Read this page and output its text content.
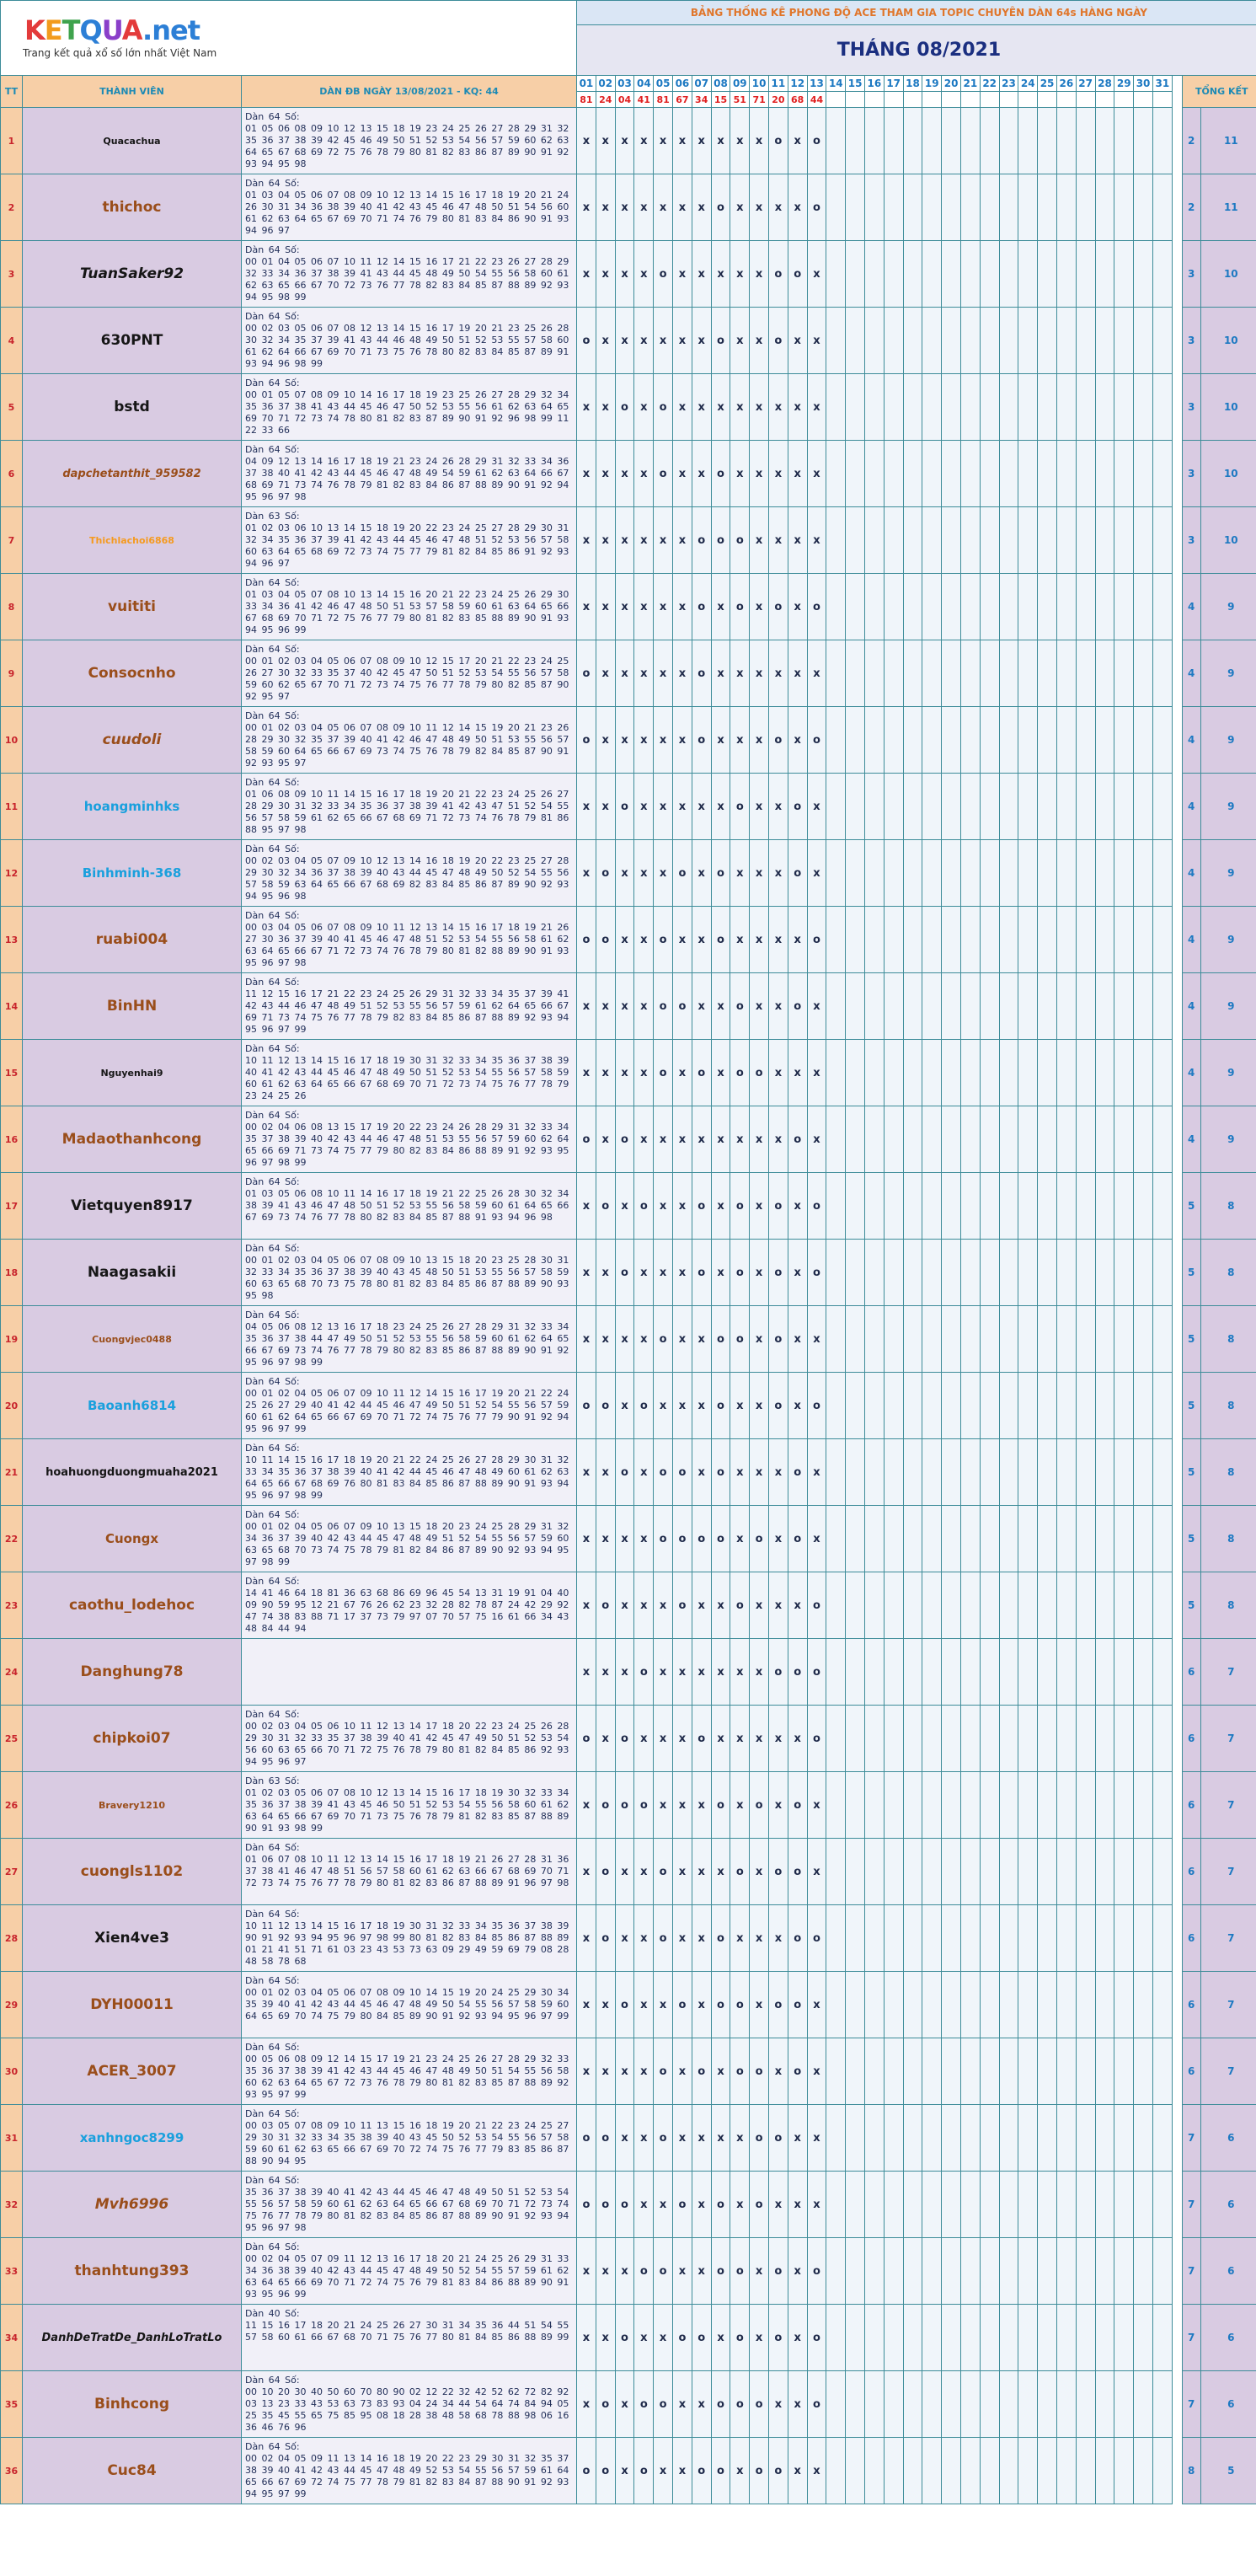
KETQUA.net
Trang kết quả xổ số lớn nhất Việt Nam			BẢNG THỐNG KÊ PHONG ĐỘ ACE THAM GIA TOPIC CHUYÊN DÀN 64s HÀNG NGÀY																																	
			THÁNG 08/2021																																	
TT	THÀNH VIÊN	DÀN ĐB NGÀY 13/08/2021 - KQ: 44	01	02	03	04	05	06	07	08	09	10	11	12	13	14	15	16	17	18	19	20	21	22	23	24	25	26	27	28	29	30	31		TỔNG KẾT	
			81	24	04	41	81	67	34	15	51	71	20	68	44																					
1	Quacachua	Dàn 64 Số:
01 05 06 08 09 10 12 13 15 18 19 23 24 25 26 27 28 29 31 32 35 36 37 38 39 42 45 46 49 50 51 52 53 54 56 57 59 60 62 63 64 65 67 68 69 72 75 76 78 79 80 81 82 83 86 87 89 90 91 92 93 94 95 98	x	x	x	x	x	x	x	x	x	x	o	x	o																				2	11
2	thichoc	Dàn 64 Số:
01 03 04 05 06 07 08 09 10 12 13 14 15 16 17 18 19 20 21 24 26 30 31 34 36 38 39 40 41 42 43 45 46 47 48 50 51 54 56 60 61 62 63 64 65 67 69 70 71 74 76 79 80 81 83 84 86 90 91 93 94 96 97	x	x	x	x	x	x	x	o	x	x	x	x	o																				2	11
3	TuanSaker92	Dàn 64 Số:
00 01 04 05 06 07 10 11 12 14 15 16 17 21 22 23 26 27 28 29 32 33 34 36 37 38 39 41 43 44 45 48 49 50 54 55 56 58 60 61 62 63 65 66 67 70 72 73 76 77 78 82 83 84 85 87 88 89 92 93 94 95 98 99	x	x	x	x	o	x	x	x	x	x	o	o	x																				3	10
4	630PNT	Dàn 64 Số:
00 02 03 05 06 07 08 12 13 14 15 16 17 19 20 21 23 25 26 28 30 32 34 35 37 39 41 43 44 46 48 49 50 51 52 53 55 57 58 60 61 62 64 66 67 69 70 71 73 75 76 78 80 82 83 84 85 87 89 91 93 94 96 98 99	o	x	x	x	x	x	x	o	x	x	o	x	x																				3	10
5	bstd	Dàn 64 Số:
00 01 05 07 08 09 10 14 16 17 18 19 23 25 26 27 28 29 32 34 35 36 37 38 41 43 44 45 46 47 50 52 53 55 56 61 62 63 64 65 69 70 71 72 73 74 78 80 81 82 83 87 89 90 91 92 96 98 99 11 22 33 66	x	x	o	x	o	x	x	x	x	x	x	x	x																				3	10
6	dapchetanthit_959582	Dàn 64 Số:
04 09 12 13 14 16 17 18 19 21 23 24 26 28 29 31 32 33 34 36 37 38 40 41 42 43 44 45 46 47 48 49 54 59 61 62 63 64 66 67 68 69 71 73 74 76 78 79 81 82 83 84 86 87 88 89 90 91 92 94 95 96 97 98	x	x	x	x	o	x	x	o	x	x	x	x	x																				3	10
7	Thichlachoi6868	Dàn 63 Số:
01 02 03 06 10 13 14 15 18 19 20 22 23 24 25 27 28 29 30 31 32 34 35 36 37 39 41 42 43 44 45 46 47 48 51 52 53 56 57 58 60 63 64 65 68 69 72 73 74 75 77 79 81 82 84 85 86 91 92 93 94 96 97	x	x	x	x	x	x	o	o	o	x	x	x	x																				3	10
8	vuititi	Dàn 64 Số:
01 03 04 05 07 08 10 13 14 15 16 20 21 22 23 24 25 26 29 30 33 34 36 41 42 46 47 48 50 51 53 57 58 59 60 61 63 64 65 66 67 68 69 70 71 72 75 76 77 79 80 81 82 83 85 88 89 90 91 93 94 95 96 99	x	x	x	x	x	x	o	x	o	x	o	x	o																				4	9
9	Consocnho	Dàn 64 Số:
00 01 02 03 04 05 06 07 08 09 10 12 15 17 20 21 22 23 24 25 26 27 30 32 33 35 37 40 42 45 47 50 51 52 53 54 55 56 57 58 59 60 62 65 67 70 71 72 73 74 75 76 77 78 79 80 82 85 87 90 92 95 97	o	x	x	x	x	x	o	x	x	x	x	x	x																				4	9
10	cuudoli	Dàn 64 Số:
00 01 02 03 04 05 06 07 08 09 10 11 12 14 15 19 20 21 23 26 28 29 30 32 35 37 39 40 41 42 46 47 48 49 50 51 53 55 56 57 58 59 60 64 65 66 67 69 73 74 75 76 78 79 82 84 85 87 90 91 92 93 95 97	o	x	x	x	x	x	o	x	x	x	o	x	o																				4	9
11	hoangminhks	Dàn 64 Số:
01 06 08 09 10 11 14 15 16 17 18 19 20 21 22 23 24 25 26 27 28 29 30 31 32 33 34 35 36 37 38 39 41 42 43 47 51 52 54 55 56 57 58 59 61 62 65 66 67 68 69 71 72 73 74 76 78 79 81 86 88 95 97 98	x	x	o	x	x	x	x	x	o	x	x	o	x																				4	9
12	Binhminh-368	Dàn 64 Số:
00 02 03 04 05 07 09 10 12 13 14 16 18 19 20 22 23 25 27 28 29 30 32 34 36 37 38 39 40 43 44 45 47 48 49 50 52 54 55 56 57 58 59 63 64 65 66 67 68 69 82 83 84 85 86 87 89 90 92 93 94 95 96 98	x	o	x	x	x	o	x	o	x	x	x	o	x																				4	9
13	ruabi004	Dàn 64 Số:
00 03 04 05 06 07 08 09 10 11 12 13 14 15 16 17 18 19 21 26 27 30 36 37 39 40 41 45 46 47 48 51 52 53 54 55 56 58 61 62 63 64 65 66 67 71 72 73 74 76 78 79 80 81 82 88 89 90 91 93 95 96 97 98	o	o	x	x	o	x	x	o	x	x	x	x	o																				4	9
14	BinHN	Dàn 64 Số:
11 12 15 16 17 21 22 23 24 25 26 29 31 32 33 34 35 37 39 41 42 43 44 46 47 48 49 51 52 53 55 56 57 59 61 62 64 65 66 67 69 71 73 74 75 76 77 78 79 82 83 84 85 86 87 88 89 92 93 94 95 96 97 99	x	x	x	x	o	o	x	x	o	x	x	o	x																				4	9
15	Nguyenhai9	Dàn 64 Số:
10 11 12 13 14 15 16 17 18 19 30 31 32 33 34 35 36 37 38 39 40 41 42 43 44 45 46 47 48 49 50 51 52 53 54 55 56 57 58 59 60 61 62 63 64 65 66 67 68 69 70 71 72 73 74 75 76 77 78 79 23 24 25 26	x	x	x	x	o	x	o	x	o	o	x	x	x																				4	9
16	Madaothanhcong	Dàn 64 Số:
00 02 04 06 08 13 15 17 19 20 22 23 24 26 28 29 31 32 33 34 35 37 38 39 40 42 43 44 46 47 48 51 53 55 56 57 59 60 62 64 65 66 69 71 73 74 75 77 79 80 82 83 84 86 88 89 91 92 93 95 96 97 98 99	o	x	o	x	x	x	x	x	x	x	x	o	x																				4	9
17	Vietquyen8917	Dàn 64 Số:
01 03 05 06 08 10 11 14 16 17 18 19 21 22 25 26 28 30 32 34 38 39 41 43 46 47 48 50 51 52 53 55 56 58 59 60 61 64 65 66 67 69 73 74 76 77 78 80 82 83 84 85 87 88 91 93 94 96 98	x	o	x	o	x	x	o	x	o	x	o	x	o																				5	8
18	Naagasakii	Dàn 64 Số:
00 01 02 03 04 05 06 07 08 09 10 13 15 18 20 23 25 28 30 31 32 33 34 35 36 37 38 39 40 43 45 48 50 51 53 55 56 57 58 59 60 63 65 68 70 73 75 78 80 81 82 83 84 85 86 87 88 89 90 93 95 98	x	x	o	x	x	x	o	x	o	x	o	x	o																				5	8
19	Cuongvjec0488	Dàn 64 Số:
04 05 06 08 12 13 16 17 18 23 24 25 26 27 28 29 31 32 33 34 35 36 37 38 44 47 49 50 51 52 53 55 56 58 59 60 61 62 64 65 66 67 69 73 74 76 77 78 79 80 82 83 85 86 87 88 89 90 91 92 95 96 97 98 99	x	x	x	x	o	x	x	o	o	x	o	x	x																				5	8
20	Baoanh6814	Dàn 64 Số:
00 01 02 04 05 06 07 09 10 11 12 14 15 16 17 19 20 21 22 24 25 26 27 29 40 41 42 44 45 46 47 49 50 51 52 54 55 56 57 59 60 61 62 64 65 66 67 69 70 71 72 74 75 76 77 79 90 91 92 94 95 96 97 99	o	o	x	o	x	x	x	o	x	x	o	x	o																				5	8
21	hoahuongduongmuaha2021	Dàn 64 Số:
10 11 14 15 16 17 18 19 20 21 22 24 25 26 27 28 29 30 31 32 33 34 35 36 37 38 39 40 41 42 44 45 46 47 48 49 60 61 62 63 64 65 66 67 68 69 76 80 81 83 84 85 86 87 88 89 90 91 93 94 95 96 97 98 99	x	x	o	x	o	o	x	o	x	x	x	o	x																				5	8
22	Cuongx	Dàn 64 Số:
00 01 02 04 05 06 07 09 10 13 15 18 20 23 24 25 28 29 31 32 34 36 37 39 40 42 43 44 45 47 48 49 51 52 54 55 56 57 59 60 63 65 68 70 73 74 75 78 79 81 82 84 86 87 89 90 92 93 94 95 97 98 99	x	x	x	x	o	o	o	o	x	o	x	o	x																				5	8
23	caothu_lodehoc	Dàn 64 Số:
14 41 46 64 18 81 36 63 68 86 69 96 45 54 13 31 19 91 04 40 09 90 59 95 12 21 67 76 26 62 23 32 28 82 78 87 24 42 29 92 47 74 38 83 88 71 17 37 73 79 97 07 70 57 75 16 61 66 34 43 48 84 44 94	x	o	x	x	x	o	x	x	o	x	x	x	o																				5	8
24	Danghung78		x	x	x	o	x	x	x	x	x	x	o	o	o																				6	7
25	chipkoi07	Dàn 64 Số:
00 02 03 04 05 06 10 11 12 13 14 17 18 20 22 23 24 25 26 28 29 30 31 32 33 35 37 38 39 40 41 42 45 47 49 50 51 52 53 54 56 60 63 65 66 70 71 72 75 76 78 79 80 81 82 84 85 86 92 93 94 95 96 97	o	x	o	x	x	x	o	x	x	x	x	x	o																				6	7
26	Bravery1210	Dàn 63 Số:
01 02 03 05 06 07 08 10 12 13 14 15 16 17 18 19 30 32 33 34 35 36 37 38 39 41 43 45 46 50 51 52 53 54 55 56 58 60 61 62 63 64 65 66 67 69 70 71 73 75 76 78 79 81 82 83 85 87 88 89 90 91 93 98 99	x	o	o	o	x	x	x	o	x	o	x	o	x																				6	7
27	cuongls1102	Dàn 64 Số:
01 06 07 08 10 11 12 13 14 15 16 17 18 19 21 26 27 28 31 36 37 38 41 46 47 48 51 56 57 58 60 61 62 63 66 67 68 69 70 71 72 73 74 75 76 77 78 79 80 81 82 83 86 87 88 89 91 96 97 98	x	o	x	x	o	x	x	x	o	x	o	o	x																				6	7
28	Xien4ve3	Dàn 64 Số:
10 11 12 13 14 15 16 17 18 19 30 31 32 33 34 35 36 37 38 39 90 91 92 93 94 95 96 97 98 99 80 81 82 83 84 85 86 87 88 89 01 21 41 51 71 61 03 23 43 53 73 63 09 29 49 59 69 79 08 28 48 58 78 68	x	o	x	x	o	x	x	o	x	x	x	o	o																				6	7
29	DYH00011	Dàn 64 Số:
00 01 02 03 04 05 06 07 08 09 10 14 15 19 20 24 25 29 30 34 35 39 40 41 42 43 44 45 46 47 48 49 50 54 55 56 57 58 59 60 64 65 69 70 74 75 79 80 84 85 89 90 91 92 93 94 95 96 97 99	x	x	o	x	x	o	x	o	o	x	o	o	x																				6	7
30	ACER_3007	Dàn 64 Số:
00 05 06 08 09 12 14 15 17 19 21 23 24 25 26 27 28 29 32 33 35 36 37 38 39 41 42 43 44 45 46 47 48 49 50 51 54 55 56 58 60 62 63 64 65 67 72 73 76 78 79 80 81 82 83 85 87 88 89 92 93 95 97 99	x	x	x	x	o	x	o	x	o	o	x	o	x																				6	7
31	xanhngoc8299	Dàn 64 Số:
00 03 05 07 08 09 10 11 13 15 16 18 19 20 21 22 23 24 25 27 29 30 31 32 33 34 35 38 39 40 43 45 50 52 53 54 55 56 57 58 59 60 61 62 63 65 66 67 69 70 72 74 75 76 77 79 83 85 86 87 88 90 94 95	o	o	x	x	o	x	x	x	x	o	o	x	x																				7	6
32	Mvh6996	Dàn 64 Số:
35 36 37 38 39 40 41 42 43 44 45 46 47 48 49 50 51 52 53 54 55 56 57 58 59 60 61 62 63 64 65 66 67 68 69 70 71 72 73 74 75 76 77 78 79 80 81 82 83 84 85 86 87 88 89 90 91 92 93 94 95 96 97 98	o	o	o	x	x	o	x	o	x	o	x	x	x																				7	6
33	thanhtung393	Dàn 64 Số:
00 02 04 05 07 09 11 12 13 16 17 18 20 21 24 25 26 29 31 33 34 36 38 39 40 42 43 44 45 47 48 49 50 52 54 55 57 59 61 62 63 64 65 66 69 70 71 72 74 75 76 79 81 83 84 86 88 89 90 91 93 95 96 99	x	x	x	o	o	x	x	o	o	x	o	x	o																				7	6
34	DanhDeTratDe_DanhLoTratLo	Dàn 40 Số:
11 15 16 17 18 20 21 24 25 26 27 30 31 34 35 36 44 51 54 55 57 58 60 61 66 67 68 70 71 75 76 77 80 81 84 85 86 88 89 99	x	x	o	x	x	o	o	x	o	x	o	x	o																				7	6
35	Binhcong	Dàn 64 Số:
00 10 20 30 40 50 60 70 80 90 02 12 22 32 42 52 62 72 82 92 03 13 23 33 43 53 63 73 83 93 04 24 34 44 54 64 74 84 94 05 25 35 45 55 65 75 85 95 08 18 28 38 48 58 68 78 88 98 06 16 36 46 76 96	x	o	x	o	o	x	x	o	o	o	x	x	o																				7	6
36	Cuc84	Dàn 64 Số:
00 02 04 05 09 11 13 14 16 18 19 20 22 23 29 30 31 32 35 37 38 39 40 41 42 43 44 45 47 48 49 52 53 54 55 56 57 59 61 64 65 66 67 69 72 74 75 77 78 79 81 82 83 84 87 88 90 91 92 93 94 95 97 99	o	o	x	o	x	x	o	o	x	o	o	x	x																				8	5
